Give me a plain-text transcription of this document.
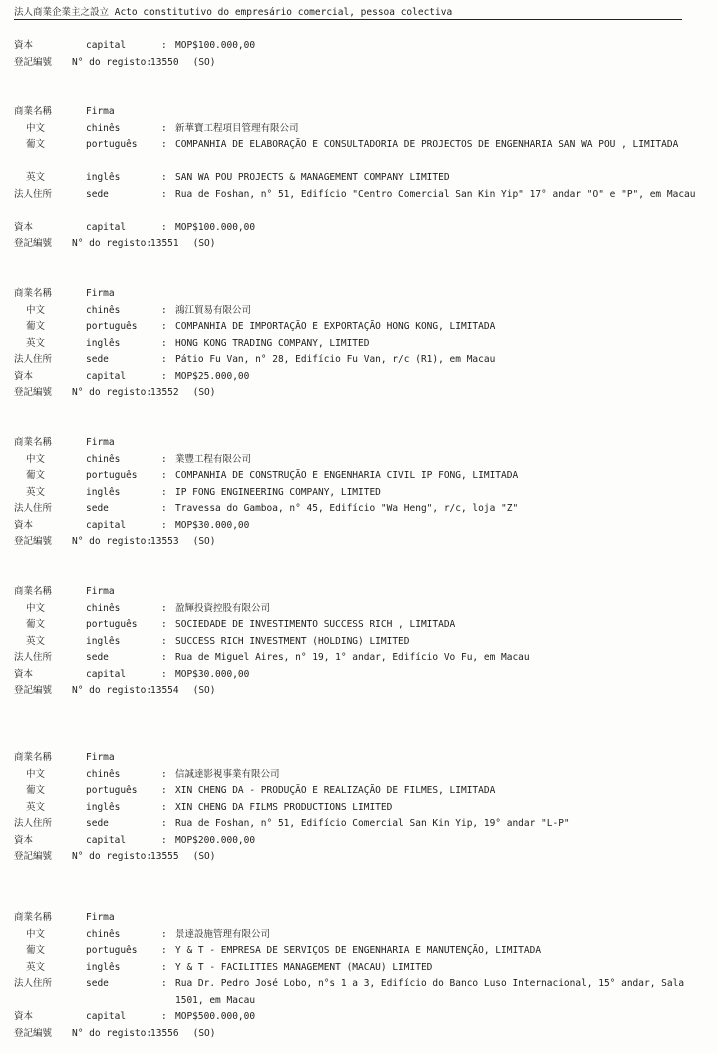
法人商業企業主之設立 Acto constitutivo do empresário comercial, pessoa colectiva
資本	capital	: MOP$100.000,00
登記編號	N° do registo:
13550 (SO)
商業名稱	Firma
中文	chinês	: 新華寶工程項目管理有限公司
葡文	português	: COMPANHIA DE ELABORAÇÃO E CONSULTADORIA DE PROJECTOS DE ENGENHARIA SAN WA POU , LIMITADA
英文	inglês	: SAN WA POU PROJECTS & MANAGEMENT COMPANY LIMITED
法人住所	sede	: Rua de Foshan, n° 51, Edifício "Centro Comercial San Kin Yip" 17° andar "O" e "P", em Macau
資本	capital	: MOP$100.000,00
登記編號	N° do registo:
13551 (SO)
商業名稱	Firma
中文	chinês	: 鴻江貿易有限公司
葡文	português	: COMPANHIA DE IMPORTAÇÃO E EXPORTAÇÃO HONG KONG, LIMITADA
英文	inglês	: HONG KONG TRADING COMPANY, LIMITED
法人住所	sede	: Pátio Fu Van, n° 28, Edifício Fu Van, r/c (R1), em Macau
資本	capital	: MOP$25.000,00
登記編號	N° do registo:
13552 (SO)
商業名稱	Firma
中文	chinês	: 業豐工程有限公司
葡文	português	: COMPANHIA DE CONSTRUÇÃO E ENGENHARIA CIVIL IP FONG, LIMITADA
英文	inglês	: IP FONG ENGINEERING COMPANY, LIMITED
法人住所	sede	: Travessa do Gamboa, n° 45, Edifício "Wa Heng", r/c, loja "Z"
資本	capital	: MOP$30.000,00
登記編號	N° do registo:
13553 (SO)
商業名稱	Firma
中文	chinês	: 盈輝投資控股有限公司
葡文	português	: SOCIEDADE DE INVESTIMENTO SUCCESS RICH , LIMITADA
英文	inglês	: SUCCESS RICH INVESTMENT (HOLDING) LIMITED
法人住所	sede	: Rua de Miguel Aires, n° 19, 1° andar, Edifício Vo Fu, em Macau
資本	capital	: MOP$30.000,00
登記編號	N° do registo:
13554 (SO)
商業名稱	Firma
中文	chinês	: 信誠達影視事業有限公司
葡文	português	: XIN CHENG DA - PRODUÇÃO E REALIZAÇÃO DE FILMES, LIMITADA
英文	inglês	: XIN CHENG DA FILMS PRODUCTIONS LIMITED
法人住所	sede	: Rua de Foshan, n° 51, Edifício Comercial San Kin Yip, 19° andar "L-P"
資本	capital	: MOP$200.000,00
登記編號	N° do registo:
13555 (SO)
商業名稱	Firma
中文	chinês	: 景達設施管理有限公司
葡文	português	: Y & T - EMPRESA DE SERVIÇOS DE ENGENHARIA E MANUTENÇÃO, LIMITADA
英文	inglês	: Y & T - FACILITIES MANAGEMENT (MACAU) LIMITED
法人住所	sede	: Rua Dr. Pedro José Lobo, n°s 1 a 3, Edifício do Banco Luso Internacional, 15° andar, Sala 1501, em Macau
資本	capital	: MOP$500.000,00
登記編號	N° do registo:
13556 (SO)
